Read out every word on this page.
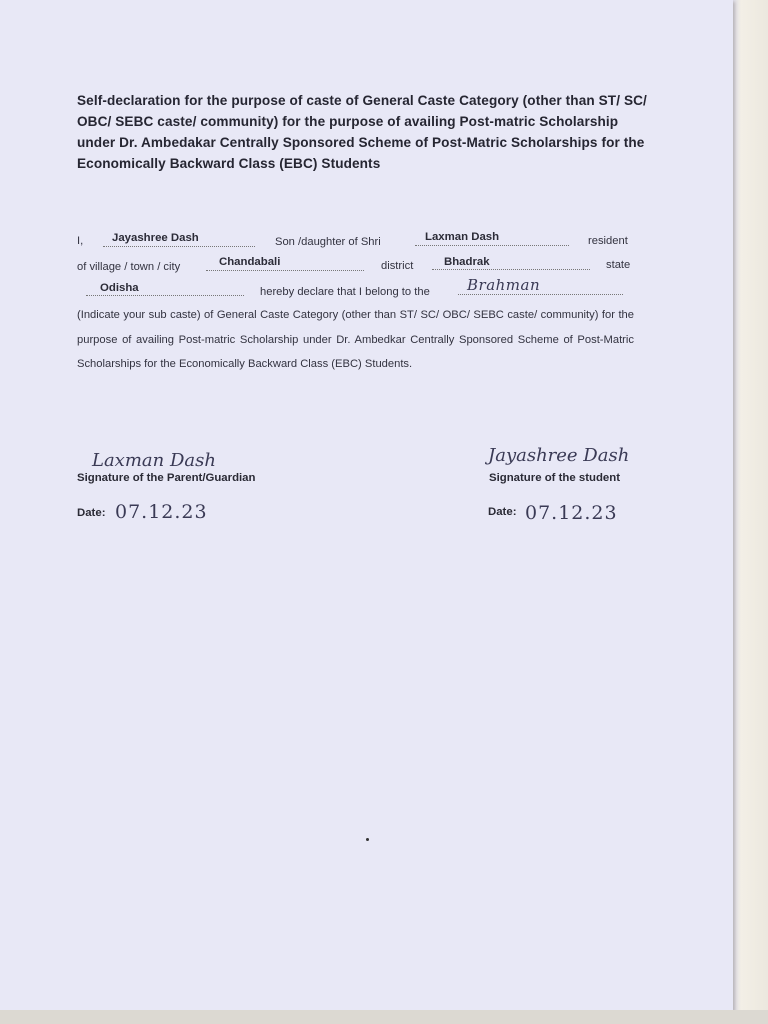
Self-declaration for the purpose of caste of General Caste Category (other than ST/ SC/ OBC/ SEBC caste/ community) for the purpose of availing Post-matric Scholarship under Dr. Ambedakar Centrally Sponsored Scheme of Post-Matric Scholarships for the Economically Backward Class (EBC) Students
I,	Jayashree Dash	Son /daughter of Shri	Laxman Dash	resident
of village / town / city	Chandabali	district	Bhadrak	state
Odisha	hereby declare that I belong to the Brahman
(Indicate your sub caste) of General Caste Category (other than ST/ SC/ OBC/ SEBC caste/ community) for the purpose of availing Post-matric Scholarship under Dr. Ambedkar Centrally Sponsored Scheme of Post-Matric Scholarships for the Economically Backward Class (EBC) Students.
Laxman Dash
Signature of the Parent/Guardian
Date: 07.12.23
Jayashree Dash
Signature of the student
Date: 07.12.23
